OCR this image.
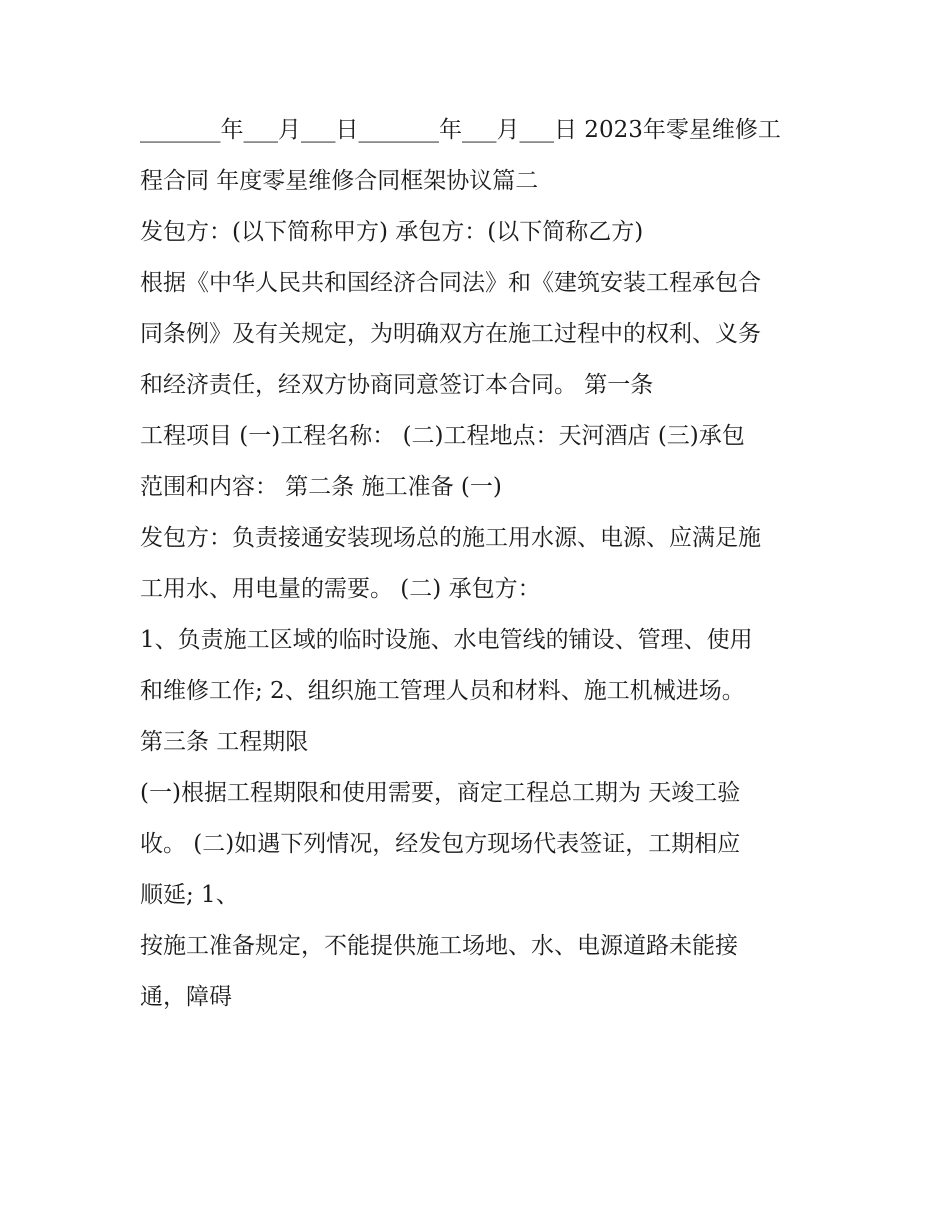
_______年___月___日_______年___月___日 2023年零星维修工
程合同 年度零星维修合同框架协议篇二
发包方：(以下简称甲方) 承包方：(以下简称乙方)
根据《中华人民共和国经济合同法》和《建筑安装工程承包合
同条例》及有关规定，为明确双方在施工过程中的权利、义务
和经济责任，经双方协商同意签订本合同。 第一条
工程项目 (一)工程名称： (二)工程地点：天河酒店 (三)承包
范围和内容： 第二条 施工准备 (一)
发包方：负责接通安装现场总的施工用水源、电源、应满足施
工用水、用电量的需要。 (二) 承包方：
1、负责施工区域的临时设施、水电管线的铺设、管理、使用
和维修工作; 2、组织施工管理人员和材料、施工机械进场。
第三条 工程期限
(一)根据工程期限和使用需要，商定工程总工期为 天竣工验
收。 (二)如遇下列情况，经发包方现场代表签证，工期相应
顺延; 1、
按施工准备规定，不能提供施工场地、水、电源道路未能接
通，障碍
